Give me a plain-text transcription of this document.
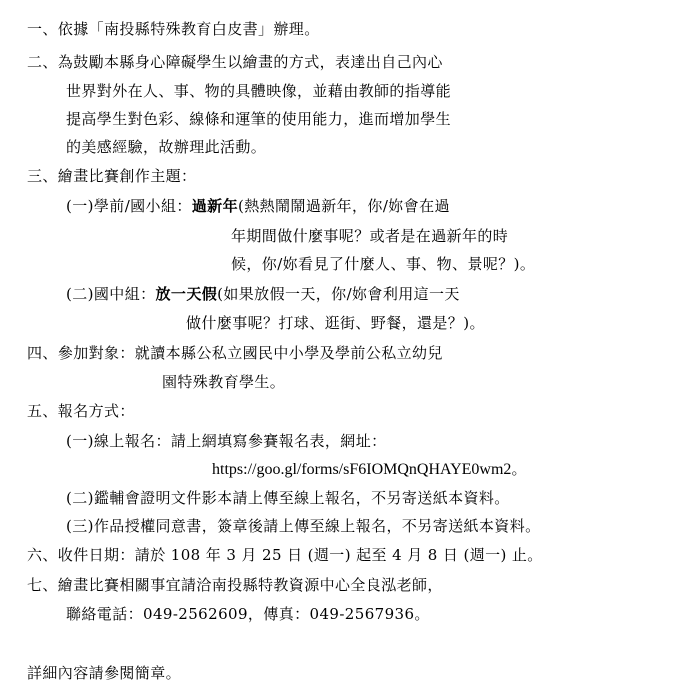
一、依據「南投縣特殊教育白皮書」辦理。
二、為鼓勵本縣身心障礙學生以繪畫的方式，表達出自己內心
世界對外在人、事、物的具體映像，並藉由教師的指導能
提高學生對色彩、線條和運筆的使用能力，進而增加學生
的美感經驗，故辦理此活動。
三、繪畫比賽創作主題：
(一)學前/國小組：過新年(熱熱鬧鬧過新年，你/妳會在過
年期間做什麼事呢？或者是在過新年的時
候，你/妳看見了什麼人、事、物、景呢？)。
(二)國中組：放一天假(如果放假一天，你/妳會利用這一天
做什麼事呢？打球、逛街、野餐，還是？)。
四、參加對象：就讀本縣公私立國民中小學及學前公私立幼兒
園特殊教育學生。
五、報名方式：
(一)線上報名：請上網填寫參賽報名表，網址：
https://goo.gl/forms/sF6IOMQnQHAYE0wm2。
(二)鑑輔會證明文件影本請上傳至線上報名，不另寄送紙本資料。
(三)作品授權同意書，簽章後請上傳至線上報名，不另寄送紙本資料。
六、收件日期：請於 108 年 3 月 25 日 (週一) 起至 4 月 8 日 (週一) 止。
七、繪畫比賽相關事宜請洽南投縣特教資源中心全良泓老師，
聯絡電話：049-2562609，傳真：049-2567936。
詳細內容請參閱簡章。
